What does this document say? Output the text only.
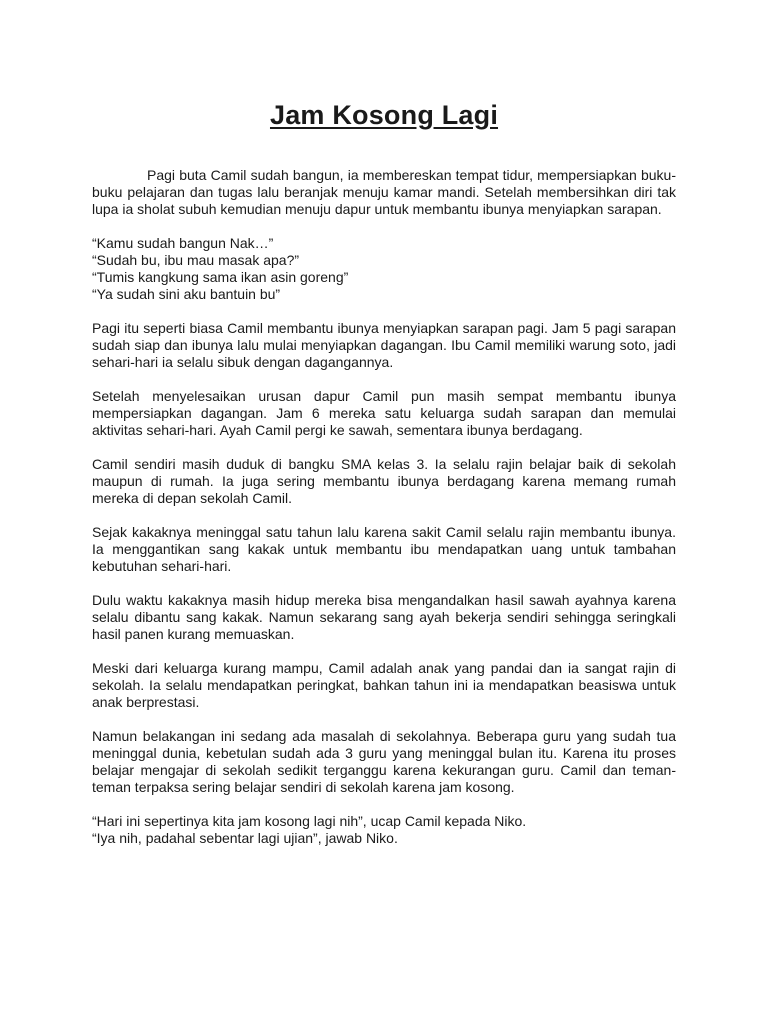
Jam Kosong Lagi

Pagi buta Camil sudah bangun, ia membereskan tempat tidur, mempersiapkan buku-buku pelajaran dan tugas lalu beranjak menuju kamar mandi. Setelah membersihkan diri tak lupa ia sholat subuh kemudian menuju dapur untuk membantu ibunya menyiapkan sarapan.

“Kamu sudah bangun Nak…”
“Sudah bu, ibu mau masak apa?”
“Tumis kangkung sama ikan asin goreng”
“Ya sudah sini aku bantuin bu”

Pagi itu seperti biasa Camil membantu ibunya menyiapkan sarapan pagi. Jam 5 pagi sarapan sudah siap dan ibunya lalu mulai menyiapkan dagangan. Ibu Camil memiliki warung soto, jadi sehari-hari ia selalu sibuk dengan dagangannya.

Setelah menyelesaikan urusan dapur Camil pun masih sempat membantu ibunya mempersiapkan dagangan. Jam 6 mereka satu keluarga sudah sarapan dan memulai aktivitas sehari-hari. Ayah Camil pergi ke sawah, sementara ibunya berdagang.

Camil sendiri masih duduk di bangku SMA kelas 3. Ia selalu rajin belajar baik di sekolah maupun di rumah. Ia juga sering membantu ibunya berdagang karena memang rumah mereka di depan sekolah Camil.

Sejak kakaknya meninggal satu tahun lalu karena sakit Camil selalu rajin membantu ibunya. Ia menggantikan sang kakak untuk membantu ibu mendapatkan uang untuk tambahan kebutuhan sehari-hari.

Dulu waktu kakaknya masih hidup mereka bisa mengandalkan hasil sawah ayahnya karena selalu dibantu sang kakak. Namun sekarang sang ayah bekerja sendiri sehingga seringkali hasil panen kurang memuaskan.

Meski dari keluarga kurang mampu, Camil adalah anak yang pandai dan ia sangat rajin di sekolah. Ia selalu mendapatkan peringkat, bahkan tahun ini ia mendapatkan beasiswa untuk anak berprestasi.

Namun belakangan ini sedang ada masalah di sekolahnya. Beberapa guru yang sudah tua meninggal dunia, kebetulan sudah ada 3 guru yang meninggal bulan itu. Karena itu proses belajar mengajar di sekolah sedikit terganggu karena kekurangan guru. Camil dan teman-teman terpaksa sering belajar sendiri di sekolah karena jam kosong.

“Hari ini sepertinya kita jam kosong lagi nih”, ucap Camil kepada Niko.
“Iya nih, padahal sebentar lagi ujian”, jawab Niko.
